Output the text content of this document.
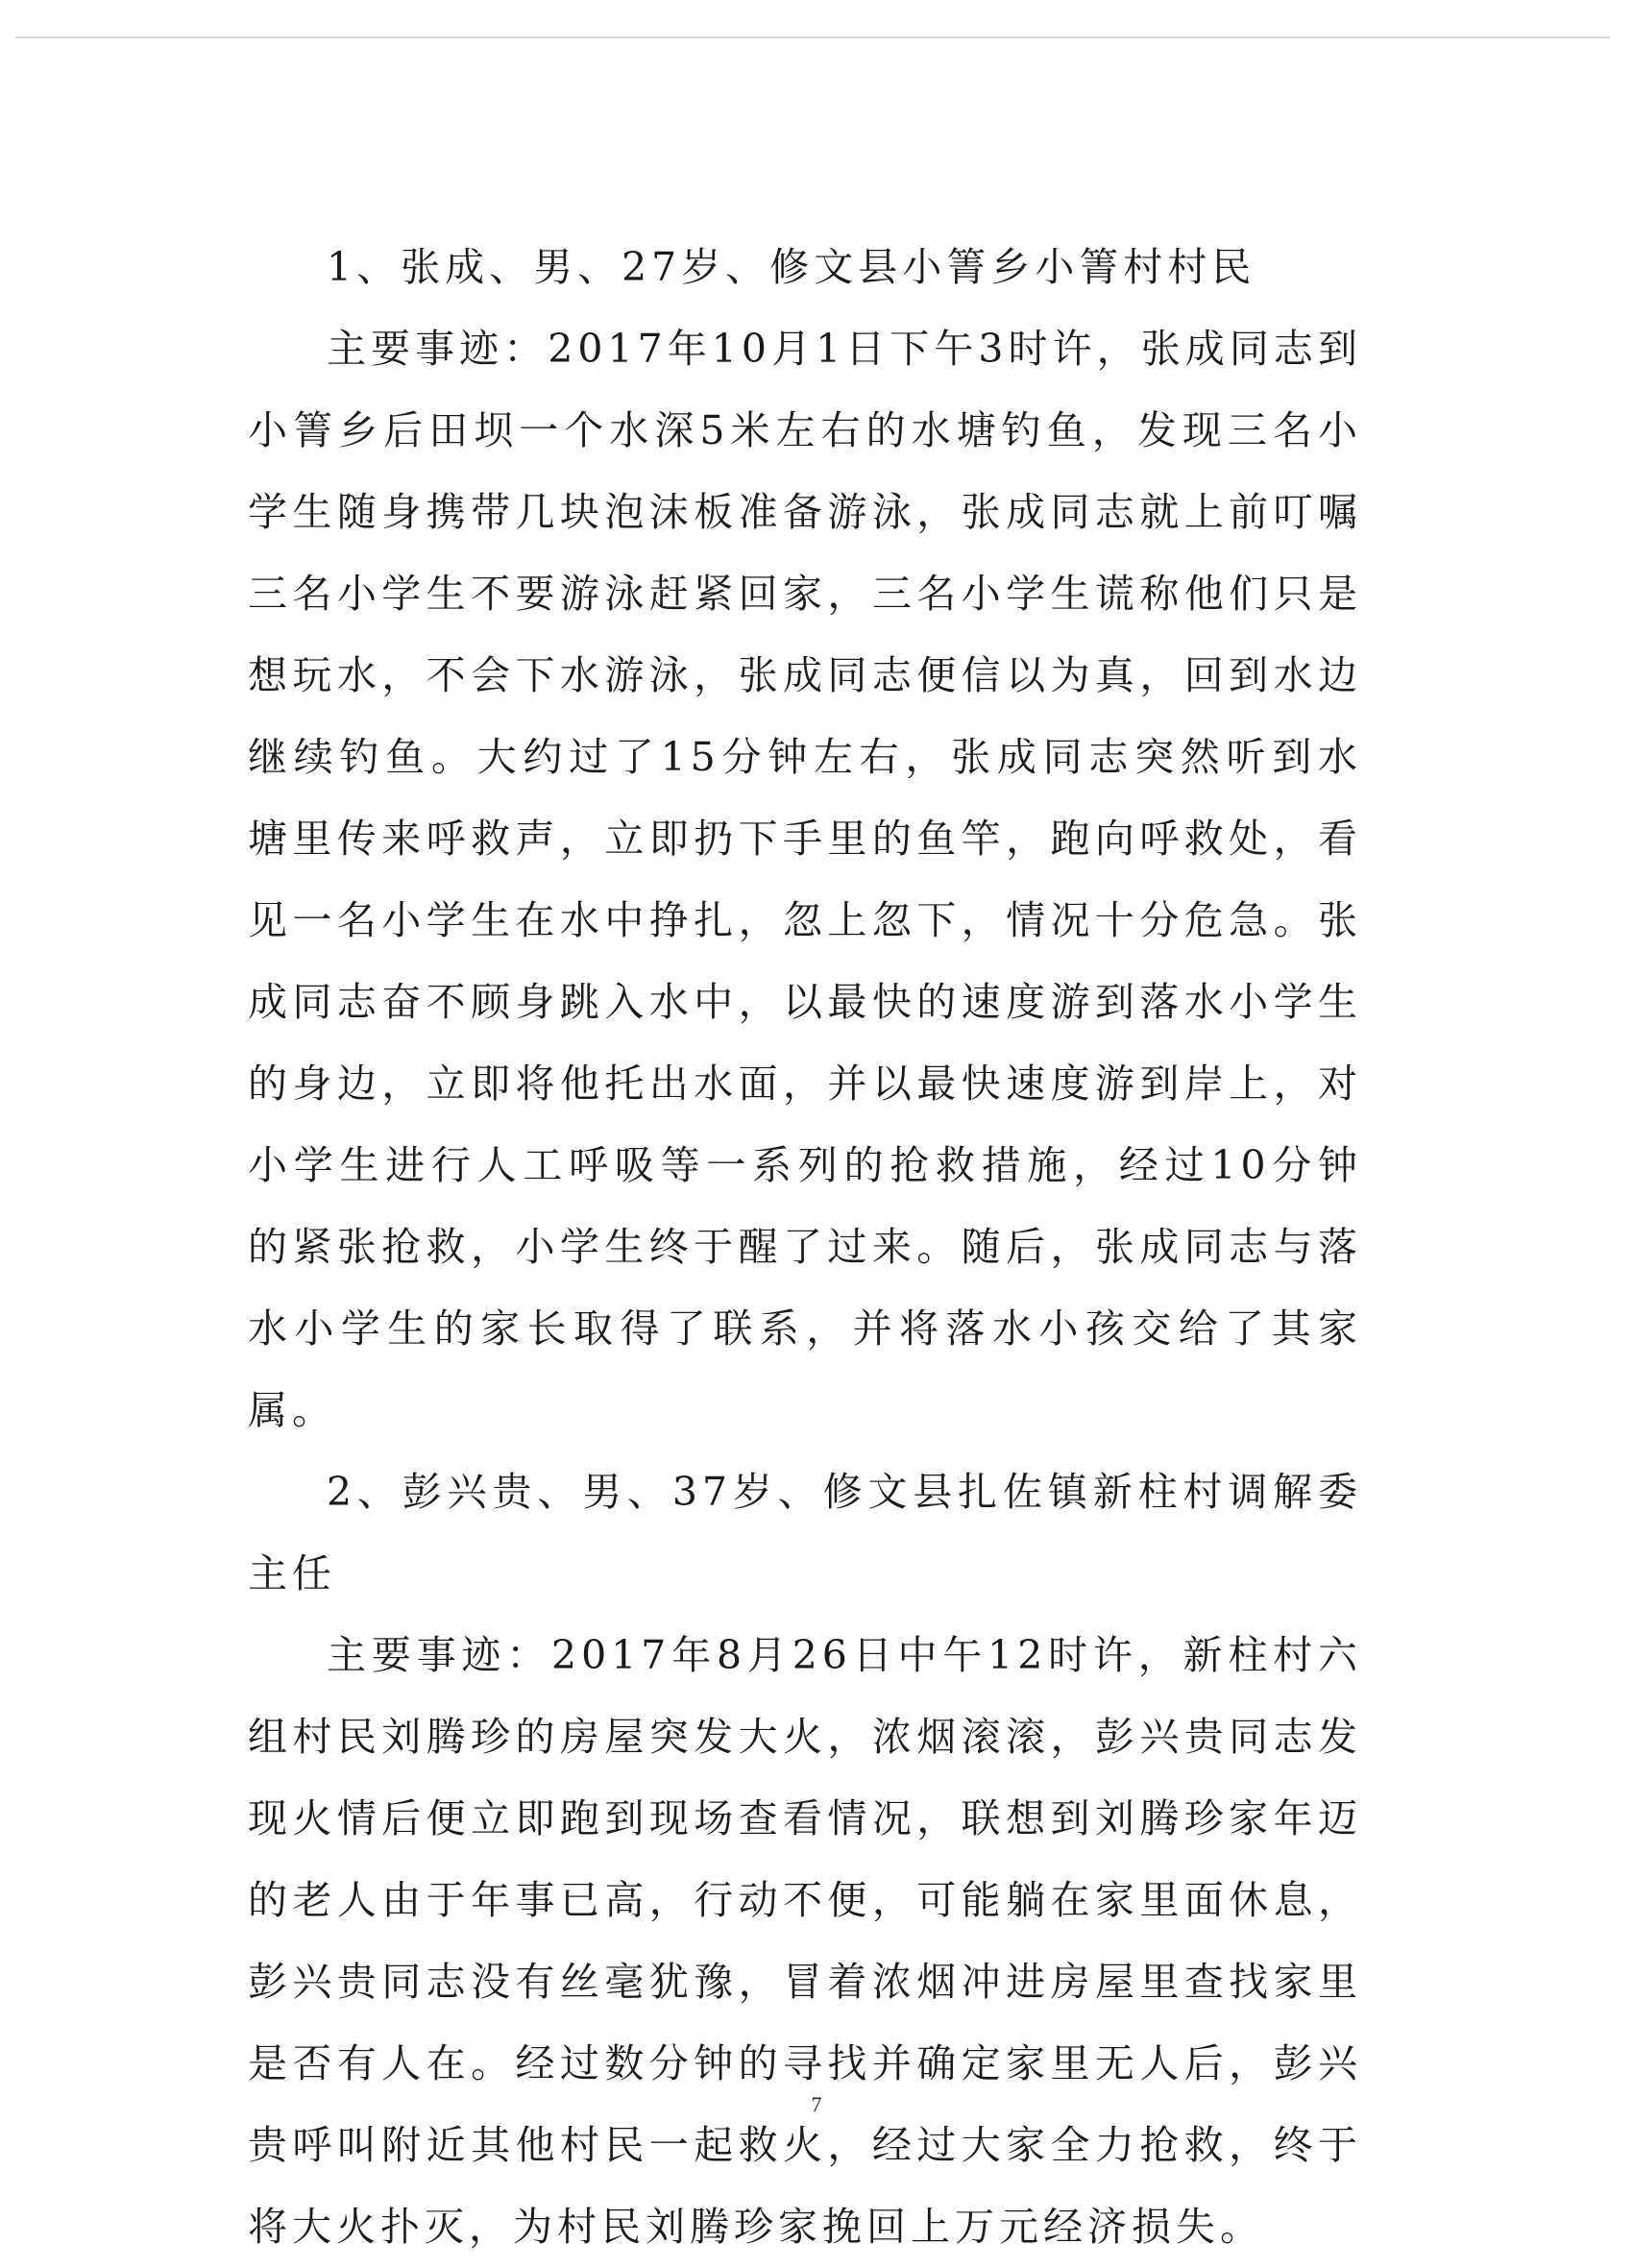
1、张成、男、27岁、修文县小箐乡小箐村村民

主要事迹：2017年10月1日下午3时许，张成同志到小箐乡后田坝一个水深5米左右的水塘钓鱼，发现三名小学生随身携带几块泡沫板准备游泳，张成同志就上前叮嘱三名小学生不要游泳赶紧回家，三名小学生谎称他们只是想玩水，不会下水游泳，张成同志便信以为真，回到水边继续钓鱼。大约过了15分钟左右，张成同志突然听到水塘里传来呼救声，立即扔下手里的鱼竿，跑向呼救处，看见一名小学生在水中挣扎，忽上忽下，情况十分危急。张成同志奋不顾身跳入水中，以最快的速度游到落水小学生的身边，立即将他托出水面，并以最快速度游到岸上，对小学生进行人工呼吸等一系列的抢救措施，经过10分钟的紧张抢救，小学生终于醒了过来。随后，张成同志与落水小学生的家长取得了联系，并将落水小孩交给了其家属。

2、彭兴贵、男、37岁、修文县扎佐镇新柱村调解委主任

主要事迹：2017年8月26日中午12时许，新柱村六组村民刘腾珍的房屋突发大火，浓烟滚滚，彭兴贵同志发现火情后便立即跑到现场查看情况，联想到刘腾珍家年迈的老人由于年事已高，行动不便，可能躺在家里面休息，彭兴贵同志没有丝毫犹豫，冒着浓烟冲进房屋里查找家里是否有人在。经过数分钟的寻找并确定家里无人后，彭兴贵呼叫附近其他村民一起救火，经过大家全力抢救，终于将大火扑灭，为村民刘腾珍家挽回上万元经济损失。

7
